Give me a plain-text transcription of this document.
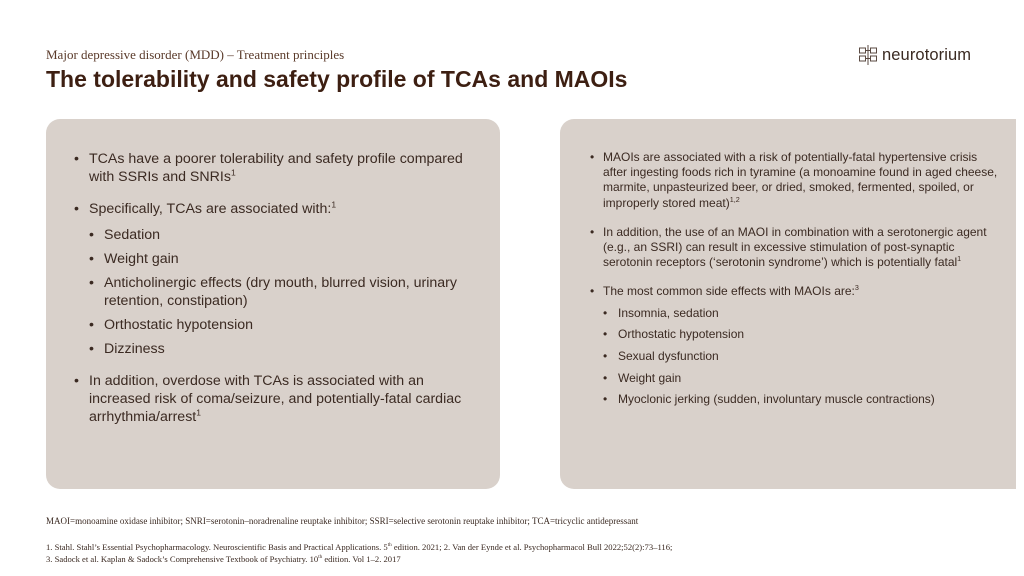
Major depressive disorder (MDD) – Treatment principles
The tolerability and safety profile of TCAs and MAOIs
neurotorium
• TCAs have a poorer tolerability and safety profile compared with SSRIs and SNRIs$^1$
• Specifically, TCAs are associated with:$^1$
• Sedation
• Weight gain
• Anticholinergic effects (dry mouth, blurred vision, urinary retention, constipation)
• Orthostatic hypotension
• Dizziness
• In addition, overdose with TCAs is associated with an increased risk of coma/seizure, and potentially-fatal cardiac arrhythmia/arrest$^1$
• MAOIs are associated with a risk of potentially-fatal hypertensive crisis after ingesting foods rich in tyramine (a monoamine found in aged cheese, marmite, unpasteurized beer, or dried, smoked, fermented, spoiled, or improperly stored meat)$^{1,2}$
• In addition, the use of an MAOI in combination with a serotonergic agent (e.g., an SSRI) can result in excessive stimulation of post-synaptic serotonin receptors (‘serotonin syndrome’) which is potentially fatal$^1$
• The most common side effects with MAOIs are:$^3$
• Insomnia, sedation
• Orthostatic hypotension
• Sexual dysfunction
• Weight gain
• Myoclonic jerking (sudden, involuntary muscle contractions)
MAOI=monoamine oxidase inhibitor; SNRI=serotonin–noradrenaline reuptake inhibitor; SSRI=selective serotonin reuptake inhibitor; TCA=tricyclic antidepressant
1. Stahl. Stahl’s Essential Psychopharmacology. Neuroscientific Basis and Practical Applications. 5th edition. 2021; 2. Van der Eynde et al. Psychopharmacol Bull 2022;52(2):73–116;
3. Sadock et al. Kaplan & Sadock’s Comprehensive Textbook of Psychiatry. 10th edition. Vol 1–2. 2017
